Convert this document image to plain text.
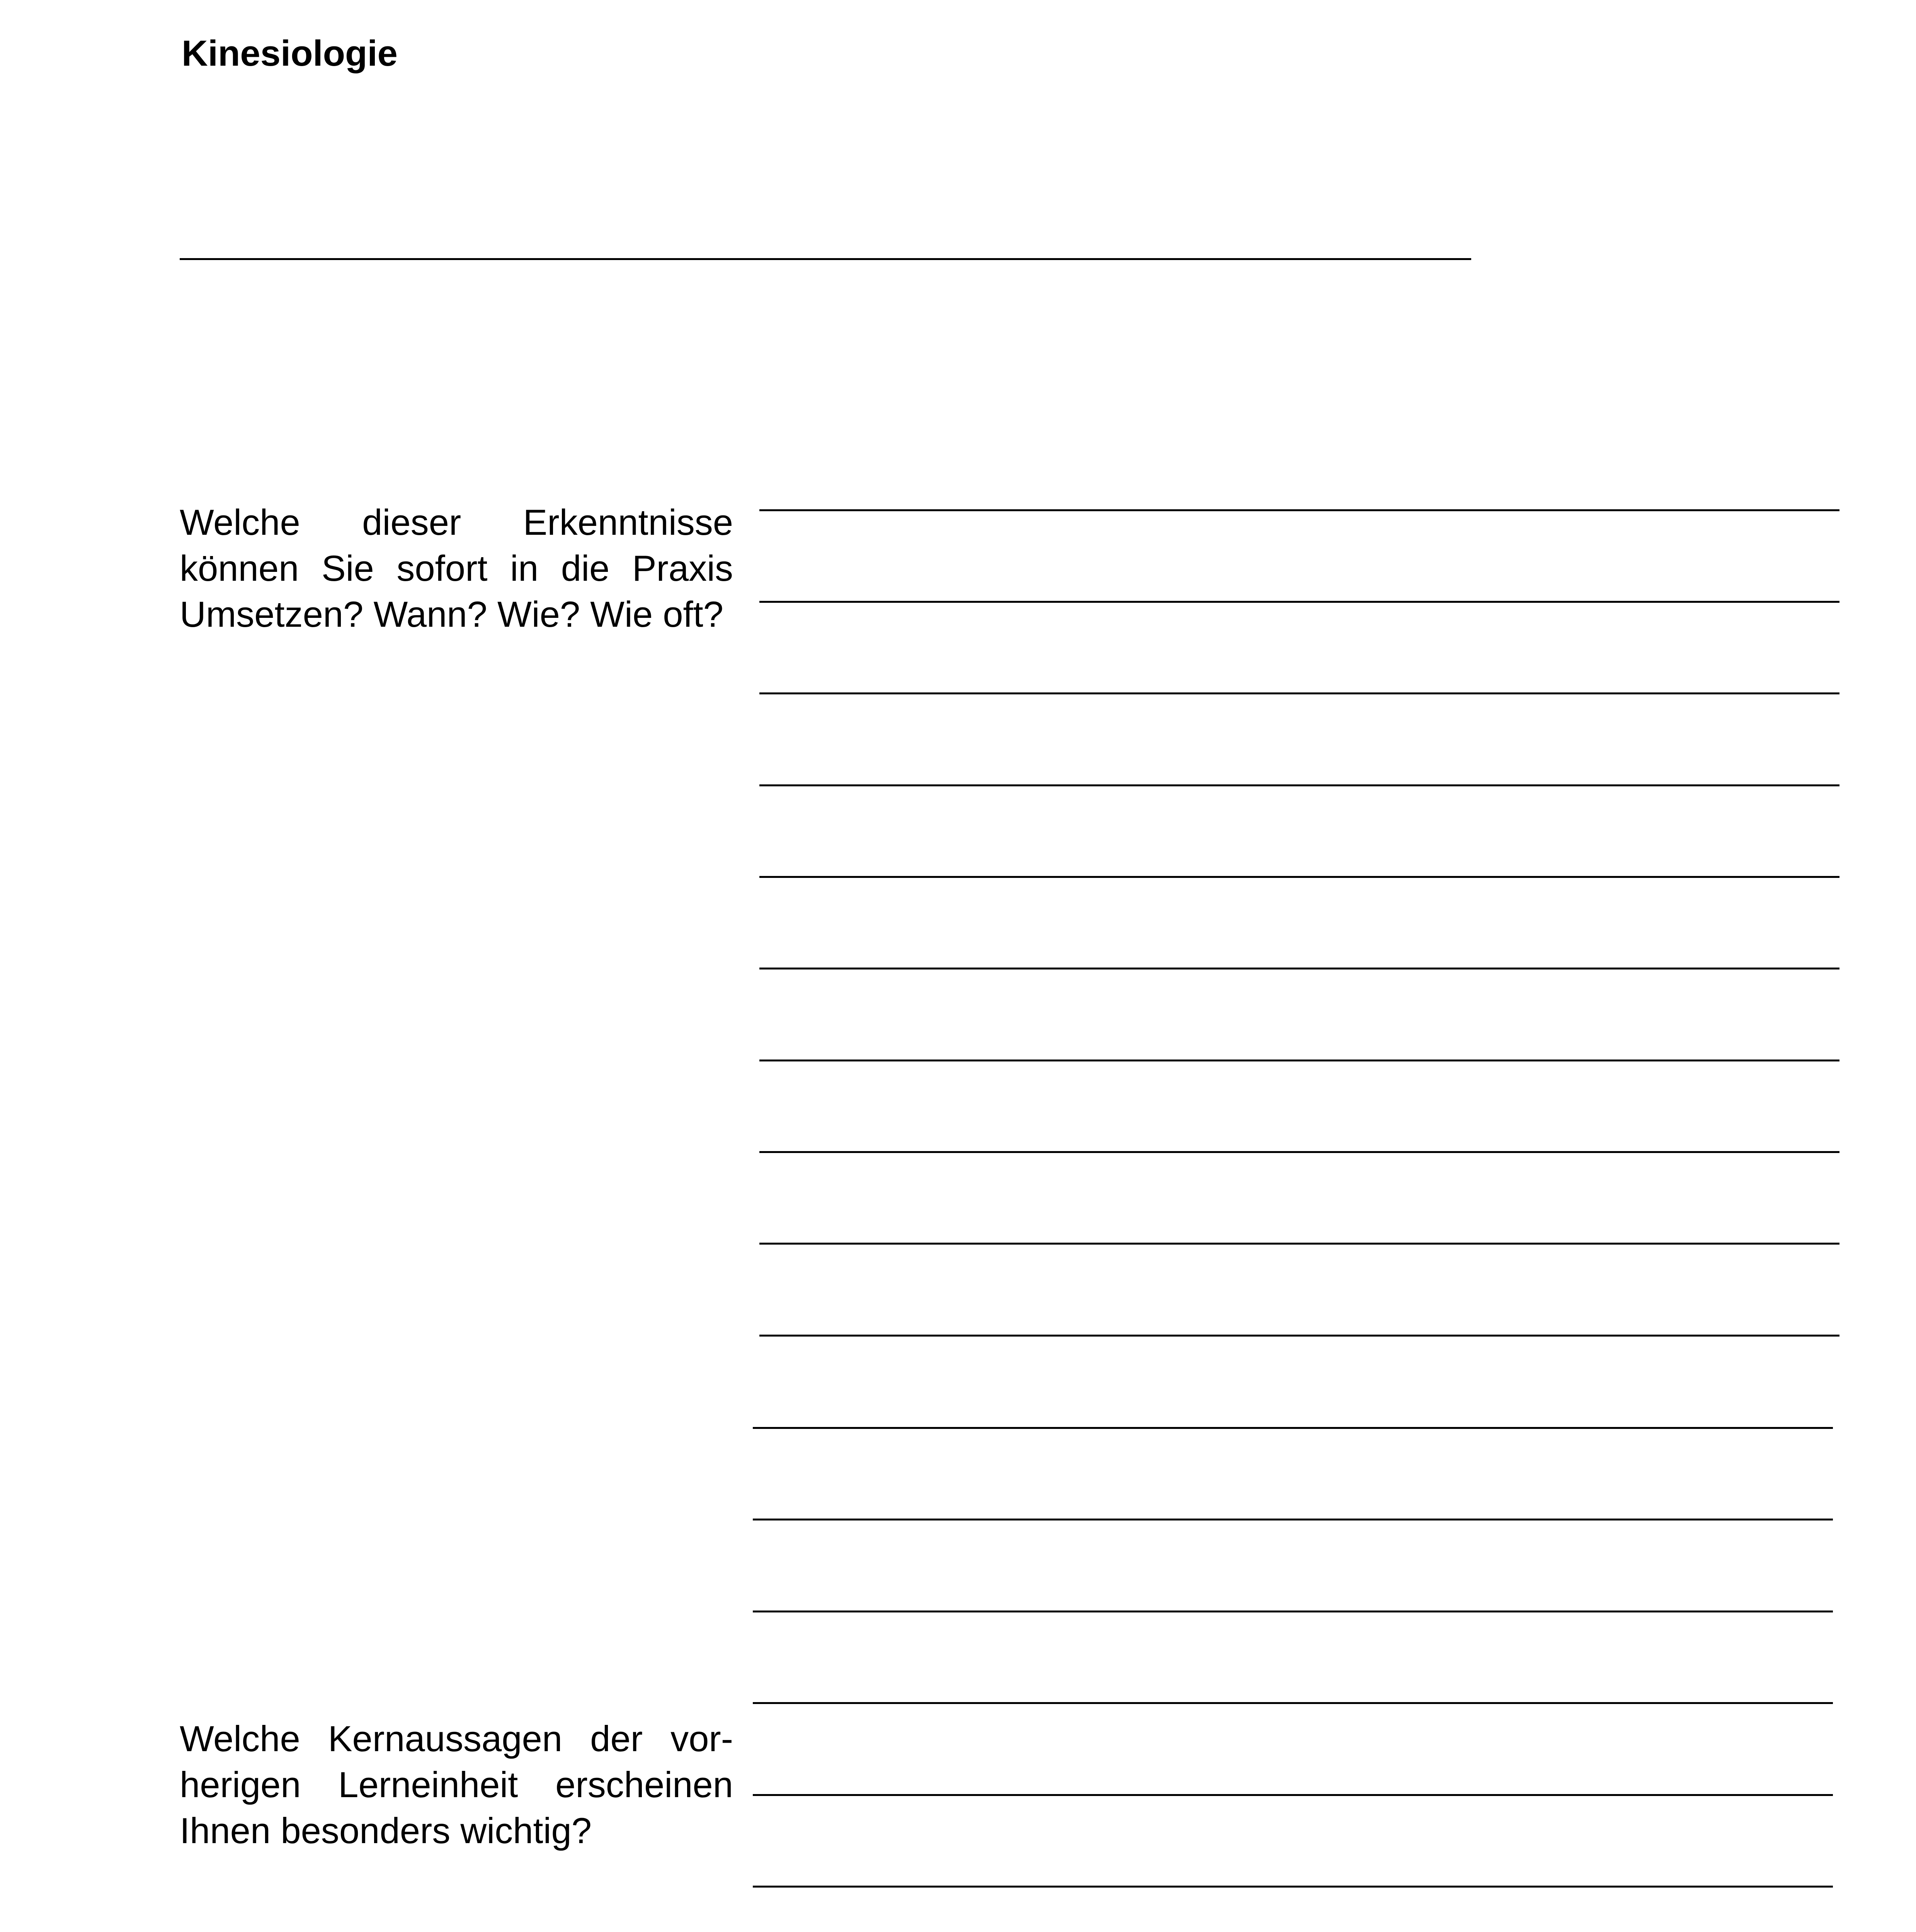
Kinesiologie

Welche dieser Erkenntnisse können Sie sofort in die Praxis Umsetzen? Wann? Wie? Wie oft?

Welche Kernaussagen der vor-herigen Lerneinheit erscheinen Ihnen besonders wichtig?
